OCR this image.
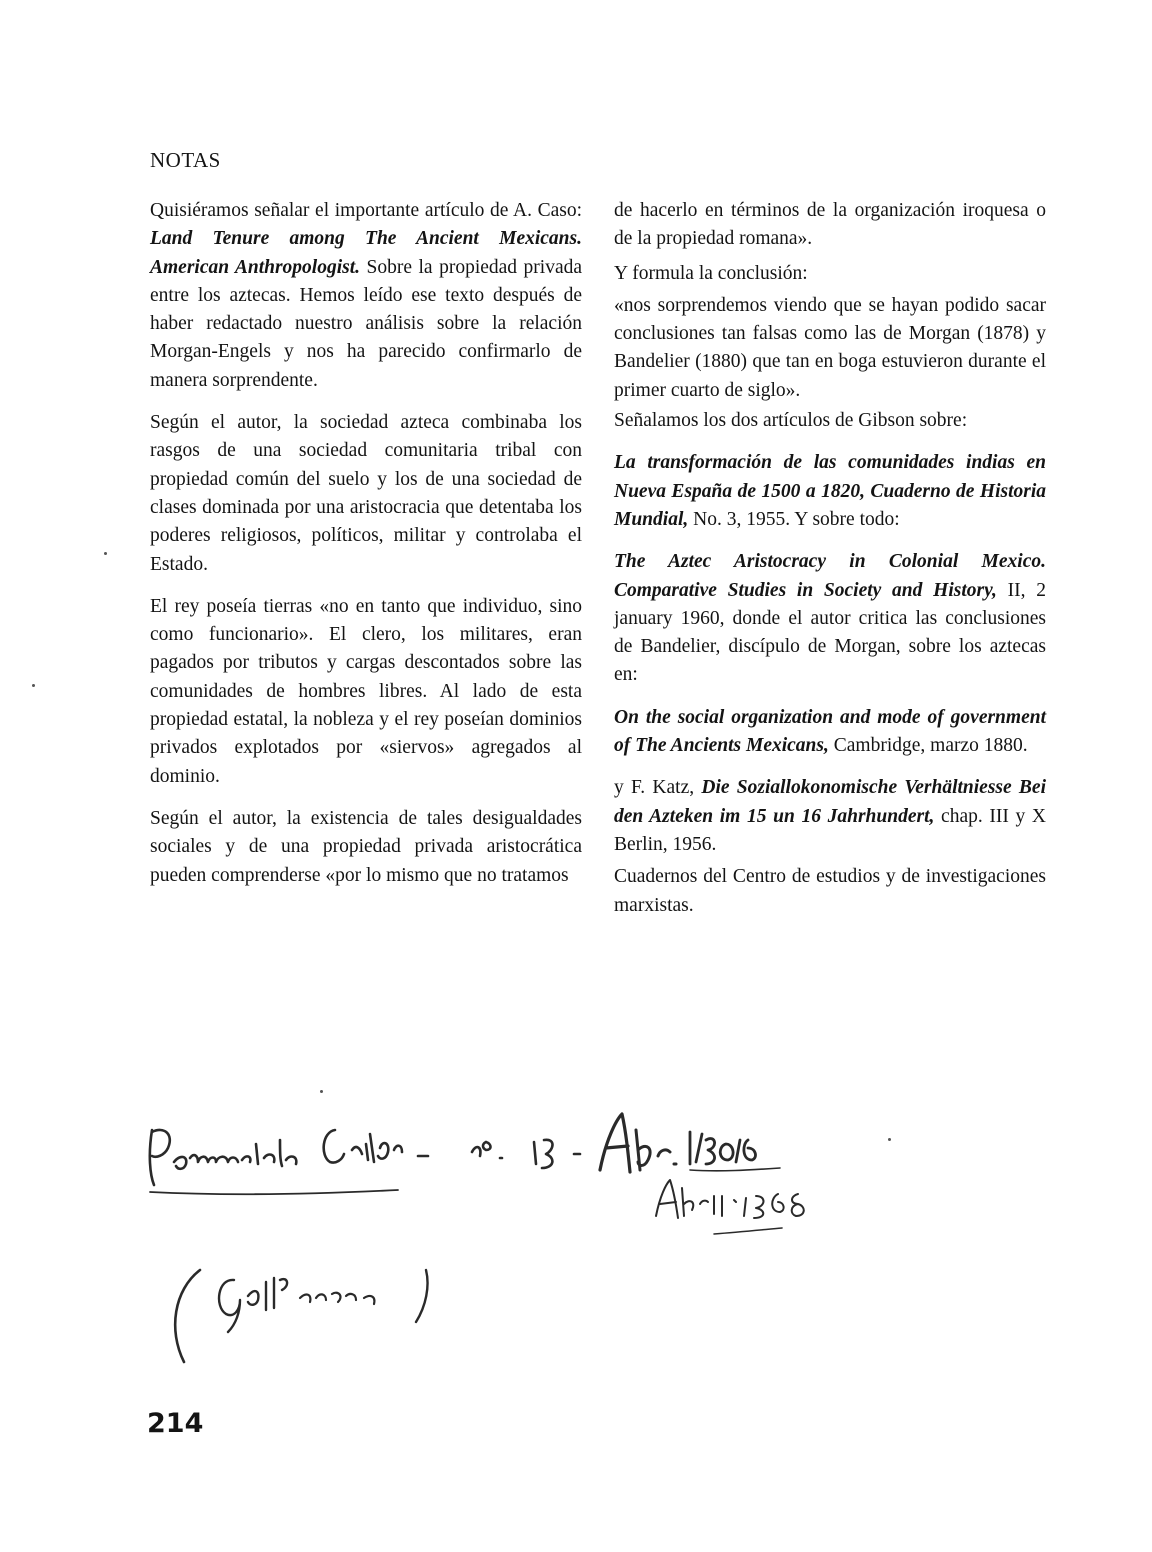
NOTAS

Quisiéramos señalar el importante artículo de A. Caso: Land Tenure among The Ancient Mexicans. American Anthropologist. Sobre la propiedad privada entre los aztecas. Hemos leído ese texto después de haber redactado nuestro análisis sobre la relación Morgan-Engels y nos ha parecido confirmarlo de manera sorprendente.

Según el autor, la sociedad azteca combinaba los rasgos de una sociedad comunitaria tribal con propiedad común del suelo y los de una sociedad de clases dominada por una aristocracia que detentaba los poderes religiosos, políticos, militar y controlaba el Estado.

El rey poseía tierras «no en tanto que individuo, sino como funcionario». El clero, los militares, eran pagados por tributos y cargas descontados sobre las comunidades de hombres libres. Al lado de esta propiedad estatal, la nobleza y el rey poseían dominios privados explotados por «siervos» agregados al dominio.

Según el autor, la existencia de tales desigualdades sociales y de una propiedad privada aristocrática pueden comprenderse «por lo mismo que no tratamos

de hacerlo en términos de la organización iroquesa o de la propiedad romana».

Y formula la conclusión:

«nos sorprendemos viendo que se hayan podido sacar conclusiones tan falsas como las de Morgan (1878) y Bandelier (1880) que tan en boga estuvieron durante el primer cuarto de siglo».

Señalamos los dos artículos de Gibson sobre:

La transformación de las comunidades indias en Nueva España de 1500 a 1820, Cuaderno de Historia Mundial, No. 3, 1955. Y sobre todo:

The Aztec Aristocracy in Colonial Mexico. Comparative Studies in Society and History, II, 2 january 1960, donde el autor critica las conclusiones de Bandelier, discípulo de Morgan, sobre los aztecas en:

On the social organization and mode of government of The Ancients Mexicans, Cambridge, marzo 1880.

y F. Katz, Die Soziallokonomische Verhältniesse Bei den Azteken im 15 un 16 Jahrhundert, chap. III y X Berlin, 1956.

Cuadernos del Centro de estudios y de investigaciones marxistas.

214
